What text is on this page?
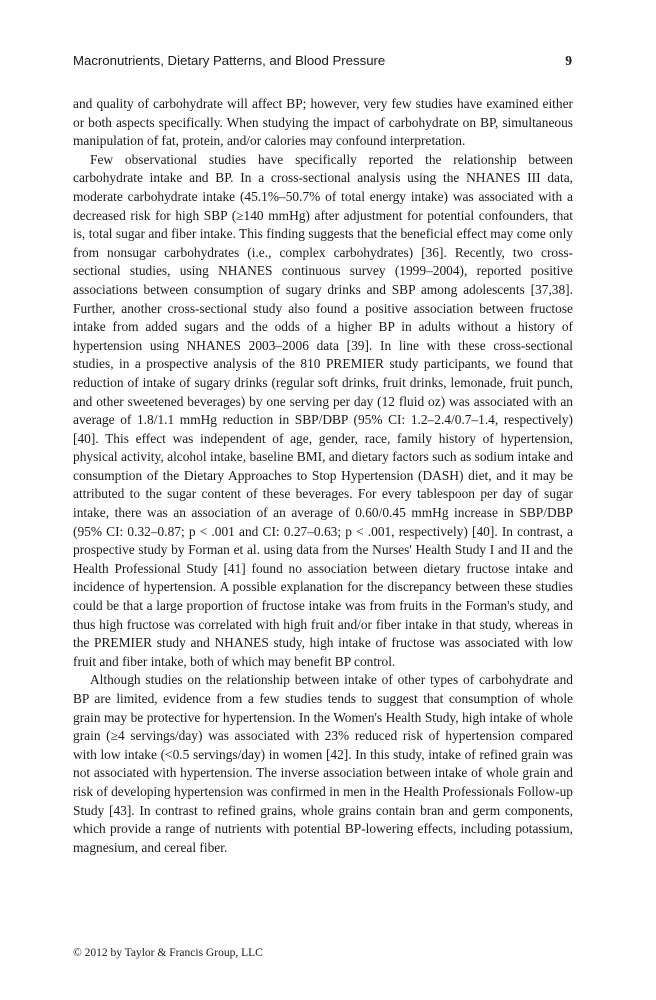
Macronutrients, Dietary Patterns, and Blood Pressure	9

and quality of carbohydrate will affect BP; however, very few studies have examined either or both aspects specifically. When studying the impact of carbohydrate on BP, simultaneous manipulation of fat, protein, and/or calories may confound interpretation.

Few observational studies have specifically reported the relationship between carbohydrate intake and BP. In a cross-sectional analysis using the NHANES III data, moderate carbohydrate intake (45.1%–50.7% of total energy intake) was associated with a decreased risk for high SBP (≥140 mmHg) after adjustment for potential confounders, that is, total sugar and fiber intake. This finding suggests that the beneficial effect may come only from nonsugar carbohydrates (i.e., complex carbohydrates) [36]. Recently, two cross-sectional studies, using NHANES continuous survey (1999–2004), reported positive associations between consumption of sugary drinks and SBP among adolescents [37,38]. Further, another cross-sectional study also found a positive association between fructose intake from added sugars and the odds of a higher BP in adults without a history of hypertension using NHANES 2003–2006 data [39]. In line with these cross-sectional studies, in a prospective analysis of the 810 PREMIER study participants, we found that reduction of intake of sugary drinks (regular soft drinks, fruit drinks, lemonade, fruit punch, and other sweetened beverages) by one serving per day (12 fluid oz) was associated with an average of 1.8/1.1 mmHg reduction in SBP/DBP (95% CI: 1.2–2.4/0.7–1.4, respectively) [40]. This effect was independent of age, gender, race, family history of hypertension, physical activity, alcohol intake, baseline BMI, and dietary factors such as sodium intake and consumption of the Dietary Approaches to Stop Hypertension (DASH) diet, and it may be attributed to the sugar content of these beverages. For every tablespoon per day of sugar intake, there was an association of an average of 0.60/0.45 mmHg increase in SBP/DBP (95% CI: 0.32–0.87; p < .001 and CI: 0.27–0.63; p < .001, respectively) [40]. In contrast, a prospective study by Forman et al. using data from the Nurses' Health Study I and II and the Health Professional Study [41] found no association between dietary fructose intake and incidence of hypertension. A possible explanation for the discrepancy between these studies could be that a large proportion of fructose intake was from fruits in the Forman's study, and thus high fructose was correlated with high fruit and/or fiber intake in that study, whereas in the PREMIER study and NHANES study, high intake of fructose was associated with low fruit and fiber intake, both of which may benefit BP control.

Although studies on the relationship between intake of other types of carbohydrate and BP are limited, evidence from a few studies tends to suggest that consumption of whole grain may be protective for hypertension. In the Women's Health Study, high intake of whole grain (≥4 servings/day) was associated with 23% reduced risk of hypertension compared with low intake (<0.5 servings/day) in women [42]. In this study, intake of refined grain was not associated with hypertension. The inverse association between intake of whole grain and risk of developing hypertension was confirmed in men in the Health Professionals Follow-up Study [43]. In contrast to refined grains, whole grains contain bran and germ components, which provide a range of nutrients with potential BP-lowering effects, including potassium, magnesium, and cereal fiber.

© 2012 by Taylor & Francis Group, LLC
